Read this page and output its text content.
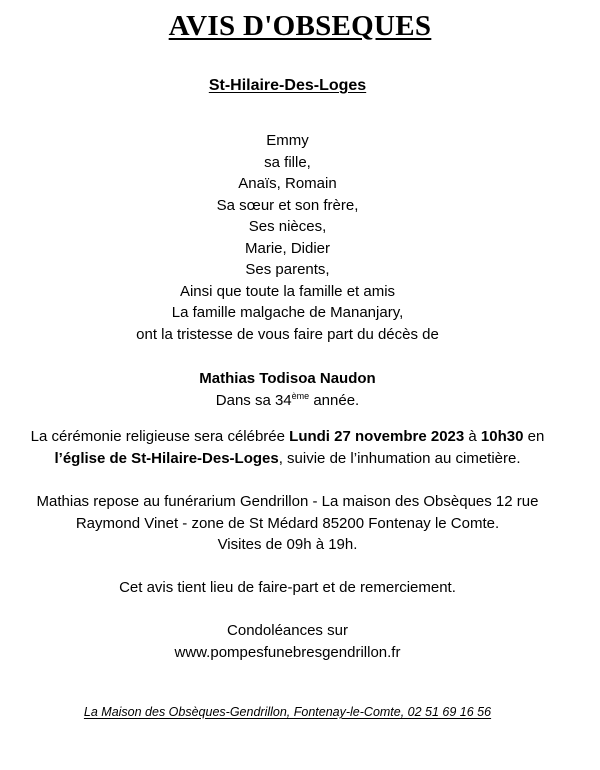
AVIS D'OBSEQUES
St-Hilaire-Des-Loges
Emmy
sa fille,
Anaïs, Romain
Sa sœur et son frère,
Ses nièces,
Marie, Didier
Ses parents,
Ainsi que toute la famille et amis
La famille malgache de Mananjary,
ont la tristesse de vous faire part du décès de
Mathias Todisoa Naudon
Dans sa 34ème année.
La cérémonie religieuse sera célébrée Lundi 27 novembre 2023 à 10h30 en
l’église de St-Hilaire-Des-Loges, suivie de l’inhumation au cimetière.
Mathias repose au funérarium Gendrillon - La maison des Obsèques 12 rue
Raymond Vinet - zone de St Médard 85200 Fontenay le Comte.
Visites de 09h à 19h.
Cet avis tient lieu de faire-part et de remerciement.
Condoléances sur
www.pompesfunebresgendrillon.fr
La Maison des Obsèques-Gendrillon, Fontenay-le-Comte, 02 51 69 16 56
